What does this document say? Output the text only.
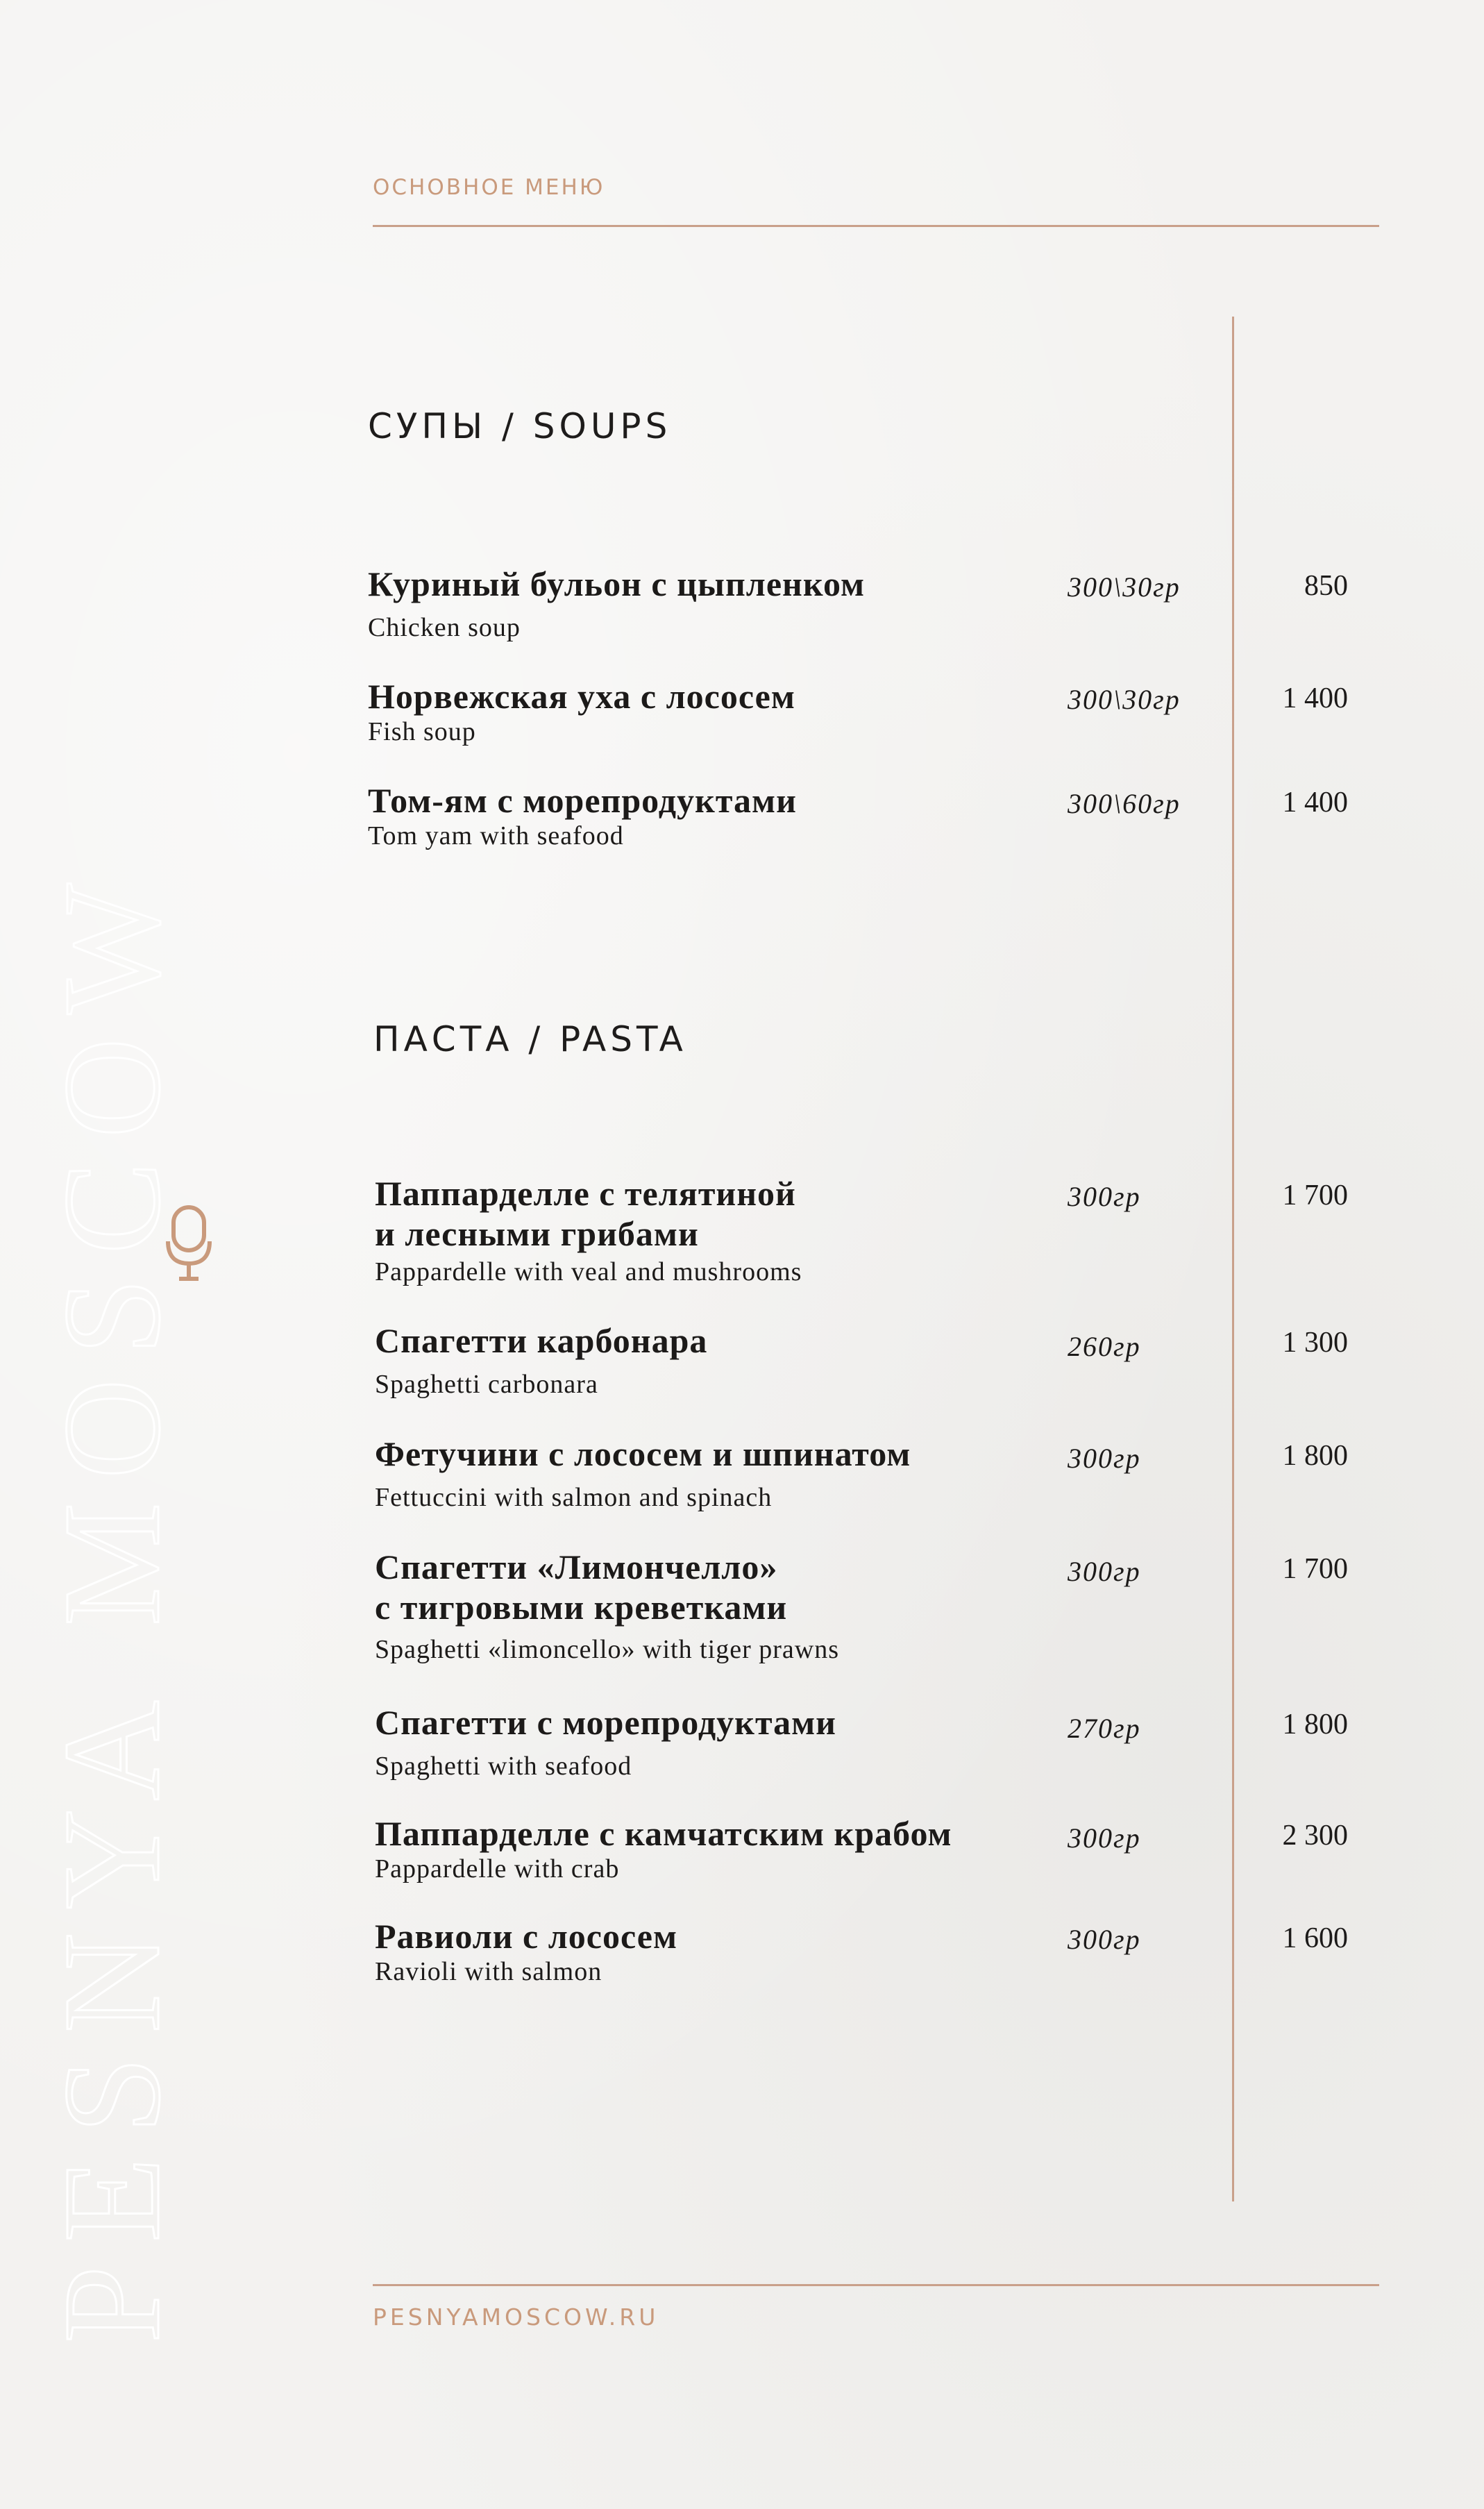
PESNYA MOSCOW
ОСНОВНОЕ МЕНЮ
СУПЫ / SOUPS
Куриный бульон с цыпленком
Chicken soup
300\30гр	850
Норвежская уха с лососем
Fish soup
300\30гр	1 400
Том-ям с морепродуктами
Tom yam with seafood
300\60гр	1 400
ПАСТА / PASTA
Паппарделле с телятиной
и лесными грибами
Pappardelle with veal and mushrooms
300гр	1 700
Спагетти карбонара
Spaghetti carbonara
260гр	1 300
Фетучини с лососем и шпинатом
Fettuccini with salmon and spinach
300гр	1 800
Спагетти «Лимончелло»
с тигровыми креветками
Spaghetti «limoncello» with tiger prawns
300гр	1 700
Спагетти с морепродуктами
Spaghetti with seafood
270гр	1 800
Паппарделле с камчатским крабом
Pappardelle with crab
300гр	2 300
Равиоли с лососем
Ravioli with salmon
300гр	1 600
PESNYAMOSCOW.RU
